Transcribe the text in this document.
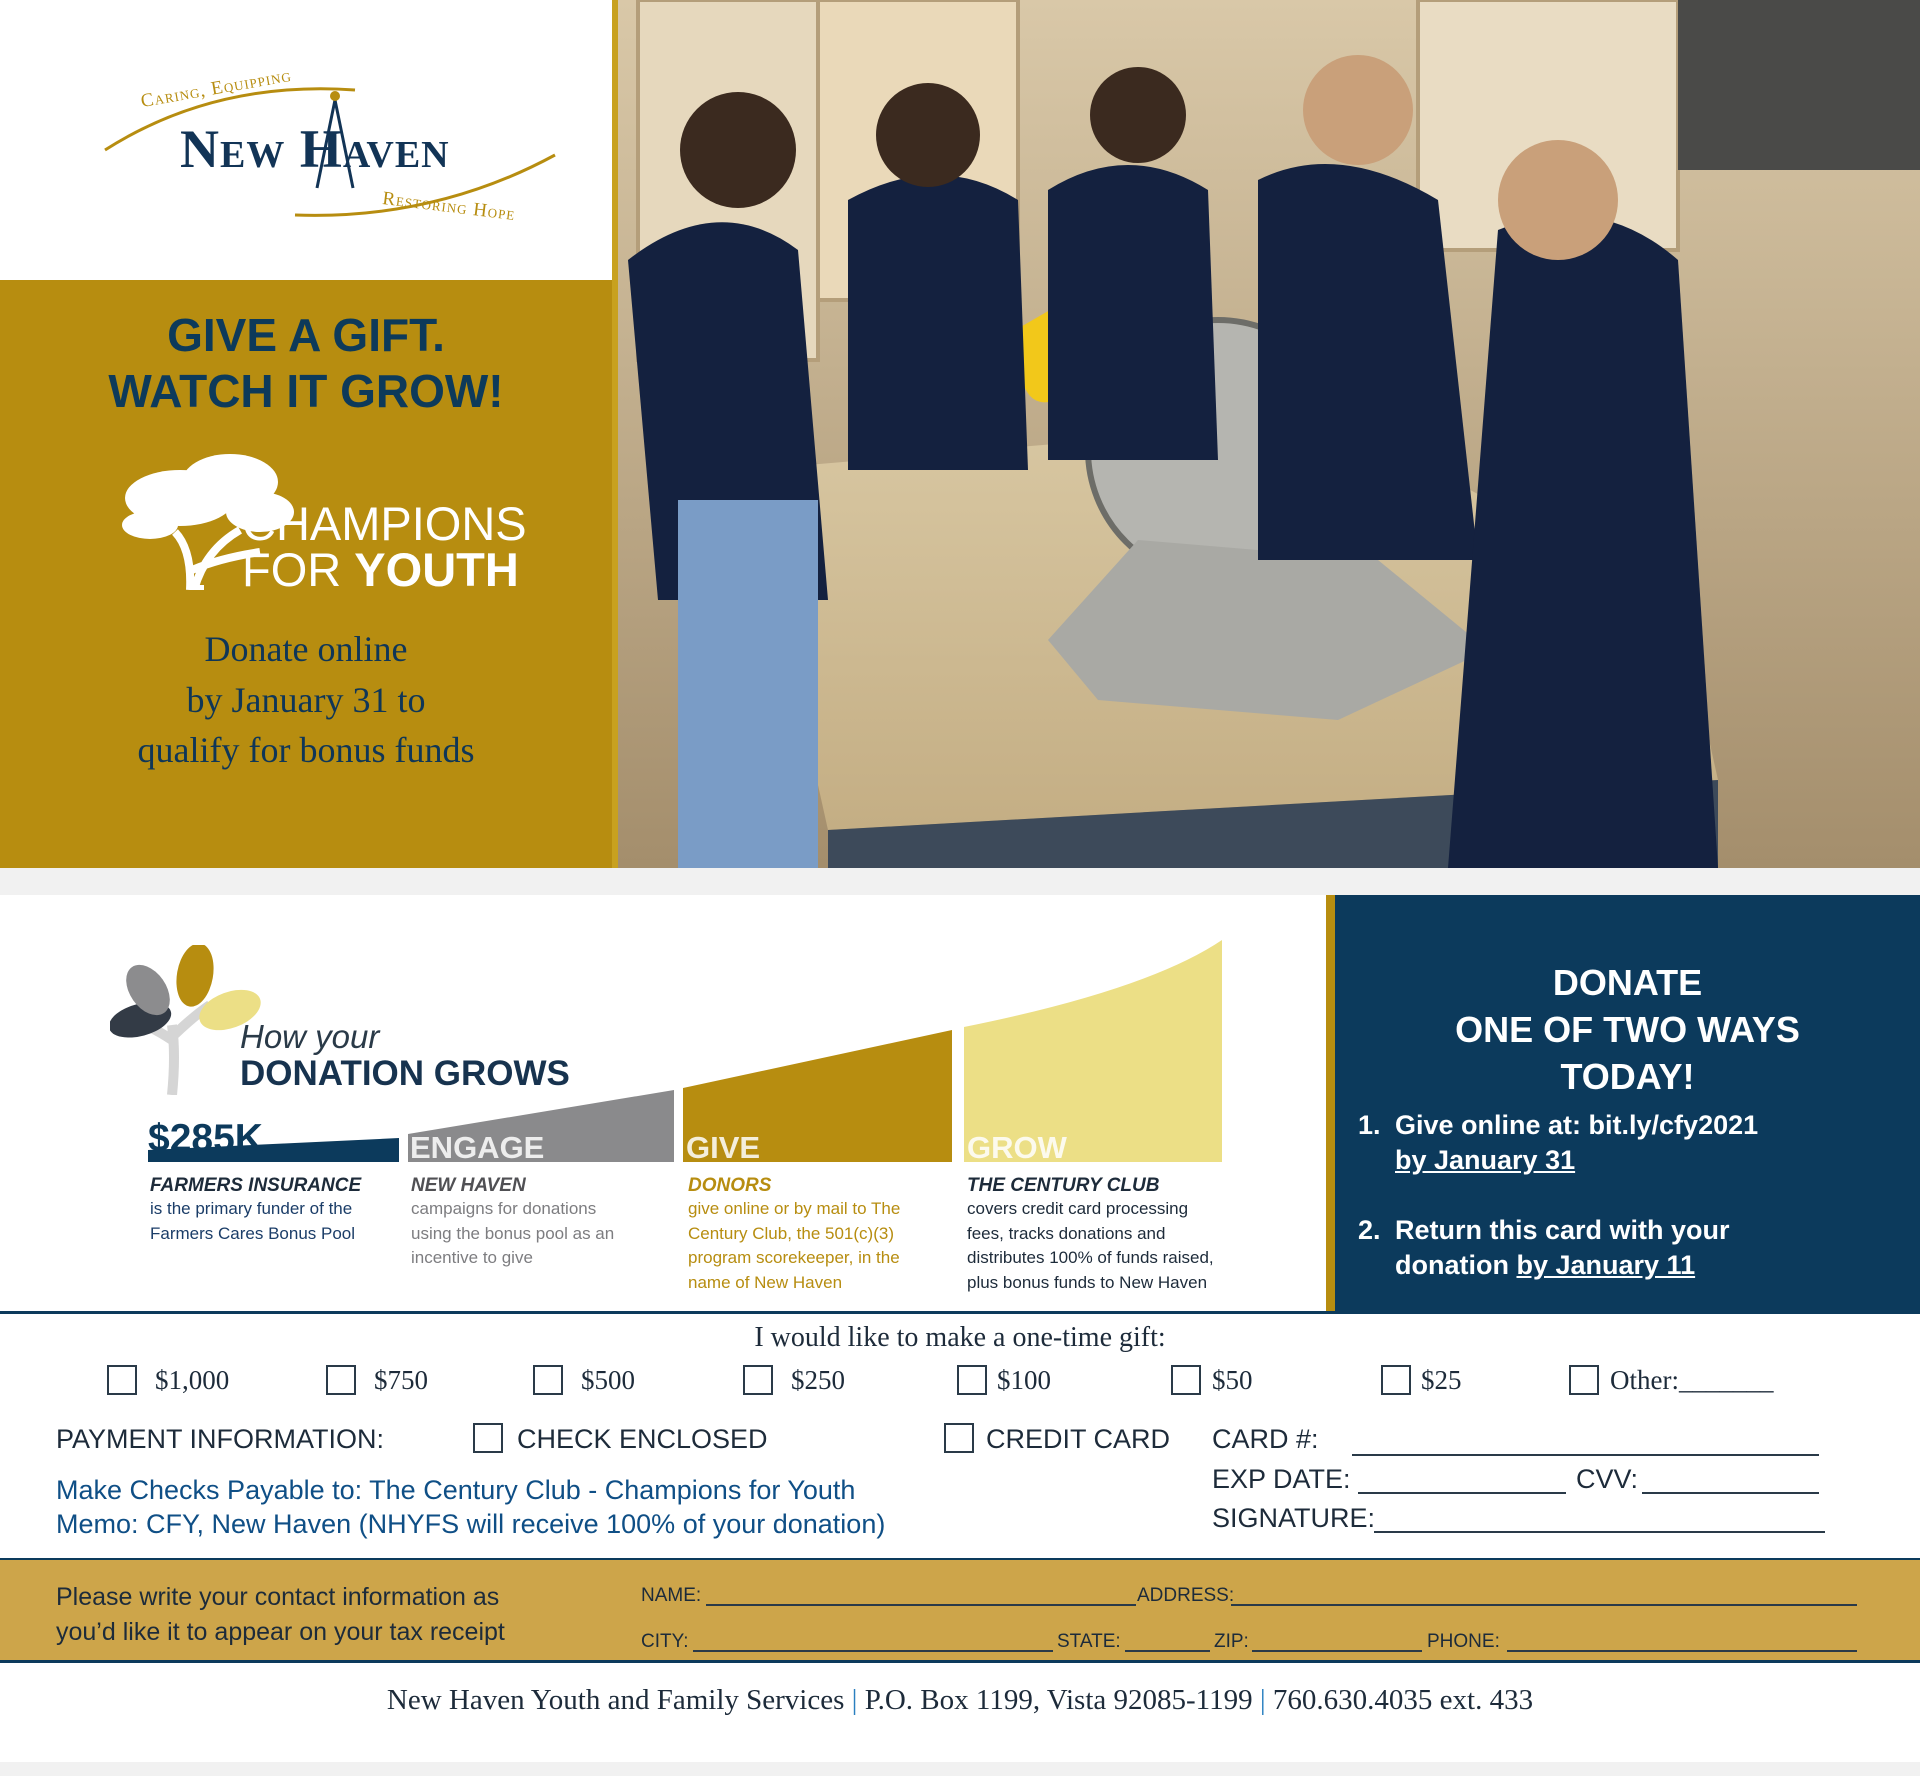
Caring, Equipping
New Haven
Restoring Hope
GIVE A GIFT.
WATCH IT GROW!
CHAMPIONS
FOR YOUTH
Donate online
by January 31 to
qualify for bonus funds
How your
DONATION GROWS
$285K	ENGAGE	GIVE	GROW
FARMERS INSURANCE
is the primary funder of the
Farmers Cares Bonus Pool
NEW HAVEN
campaigns for donations
using the bonus pool as an
incentive to give
DONORS
give online or by mail to The
Century Club, the 501(c)(3)
program scorekeeper, in the
name of New Haven
THE CENTURY CLUB
covers credit card processing
fees, tracks donations and
distributes 100% of funds raised,
plus bonus funds to New Haven
DONATE
ONE OF TWO WAYS
TODAY!
1. Give online at: bit.ly/cfy2021
by January 31
2. Return this card with your
donation by January 11
I would like to make a one-time gift:
$1,000	$750	$500	$250	$100	$50	$25	Other:_______
PAYMENT INFORMATION:	CHECK ENCLOSED	CREDIT CARD CARD #:
EXP DATE:	CVV:
SIGNATURE:
Make Checks Payable to: The Century Club - Champions for Youth
Memo: CFY, New Haven (NHYFS will receive 100% of your donation)
Please write your contact information as
you’d like it to appear on your tax receipt
NAME:	ADDRESS:
CITY:	STATE:	ZIP:	PHONE:
New Haven Youth and Family Services | P.O. Box 1199, Vista 92085-1199 | 760.630.4035 ext. 433
